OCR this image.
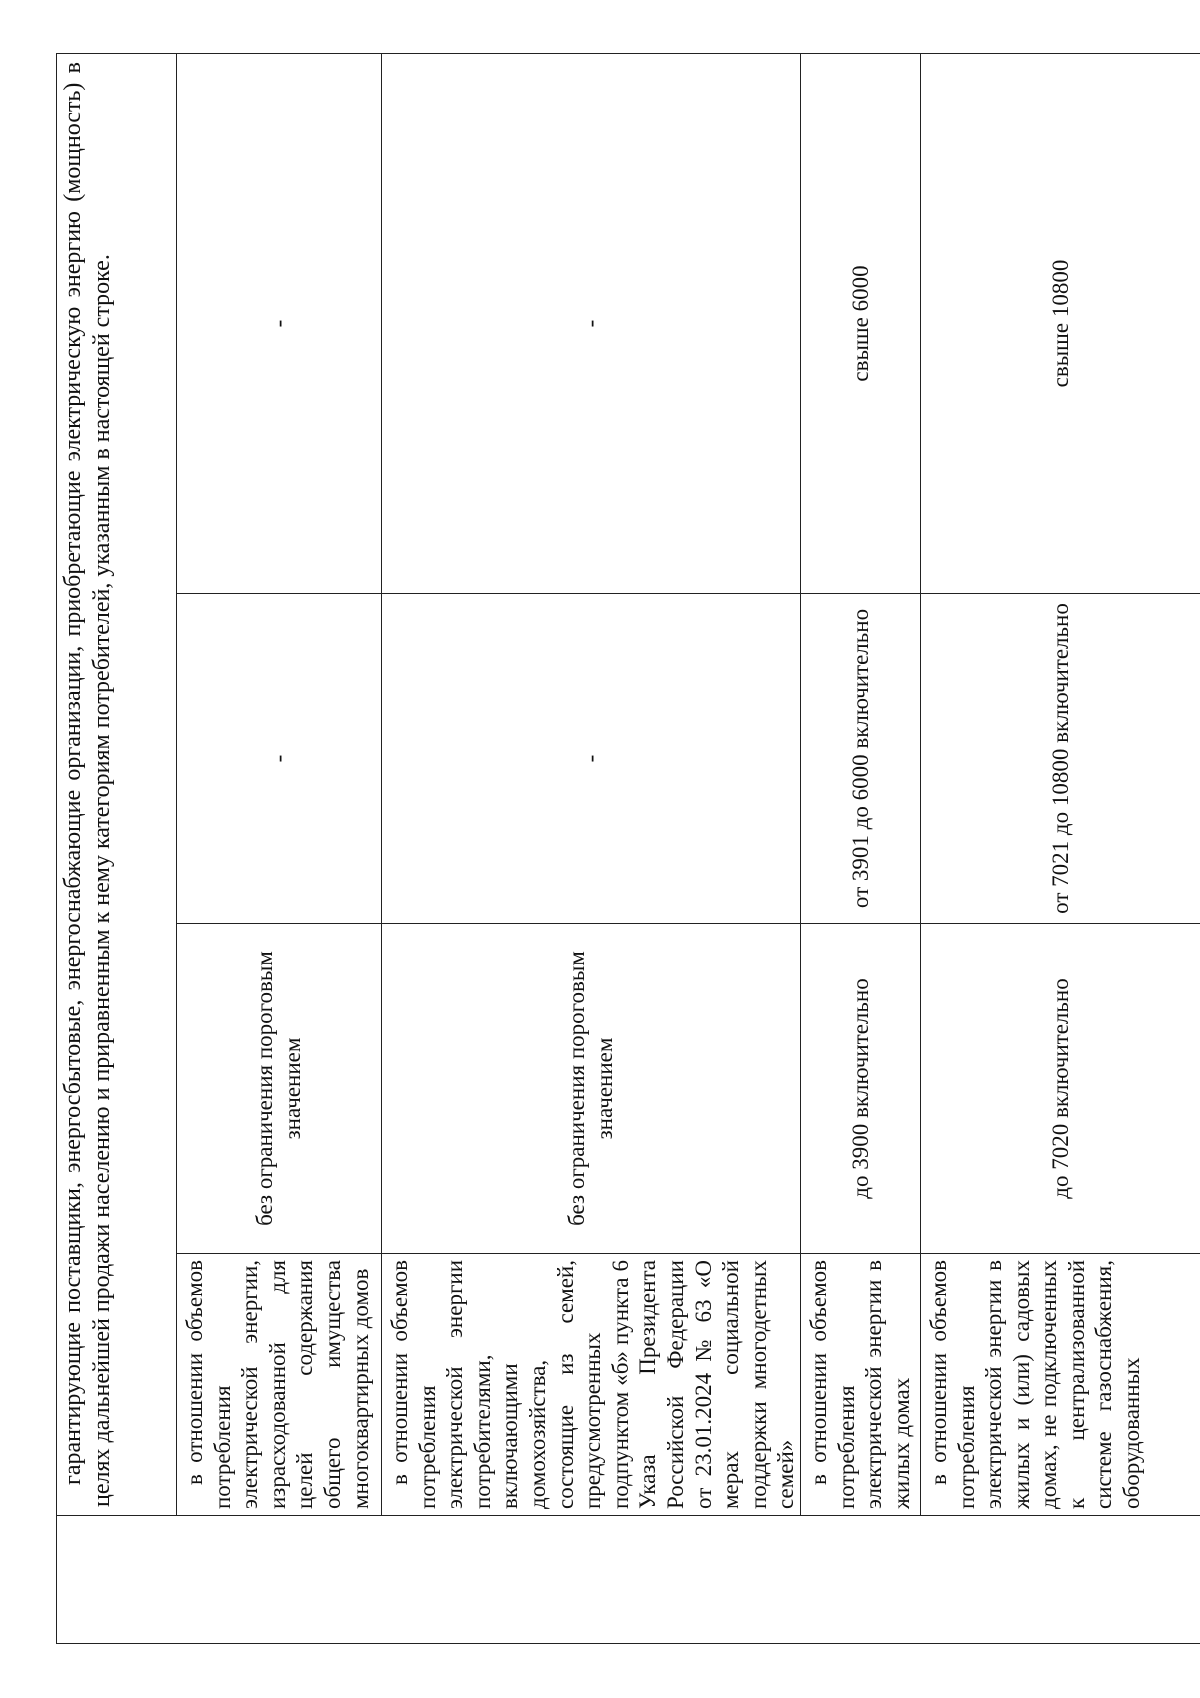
	гарантирующие поставщики, энергосбытовые, энергоснабжающие организации, приобретающие электрическую энергию (мощность) в целях дальнейшей продажи населению и приравненным к нему категориям потребителей, указанным в настоящей строке.			

	в отношении объемов потребления электрической энергии, израсходованной для целей содержания общего имущества многоквартирных домов	без ограничения пороговым значением	-	-

	в отношении объемов потребления электрической энергии потребителями, включающими домохозяйства, состоящие из семей, предусмотренных подпунктом «б» пункта 6 Указа Президента Российской Федерации от 23.01.2024 № 63 «О мерах социальной поддержки многодетных семей»	без ограничения пороговым значением	-	-

	в отношении объемов потребления электрической энергии в жилых домах	до 3900 включительно	от 3901 до 6000 включительно	свыше 6000

	в отношении объемов потребления электрической энергии в жилых и (или) садовых домах, не подключенных к централизованной системе газоснабжения, оборудованных	до 7020 включительно	от 7021 до 10800 включительно	свыше 10800
